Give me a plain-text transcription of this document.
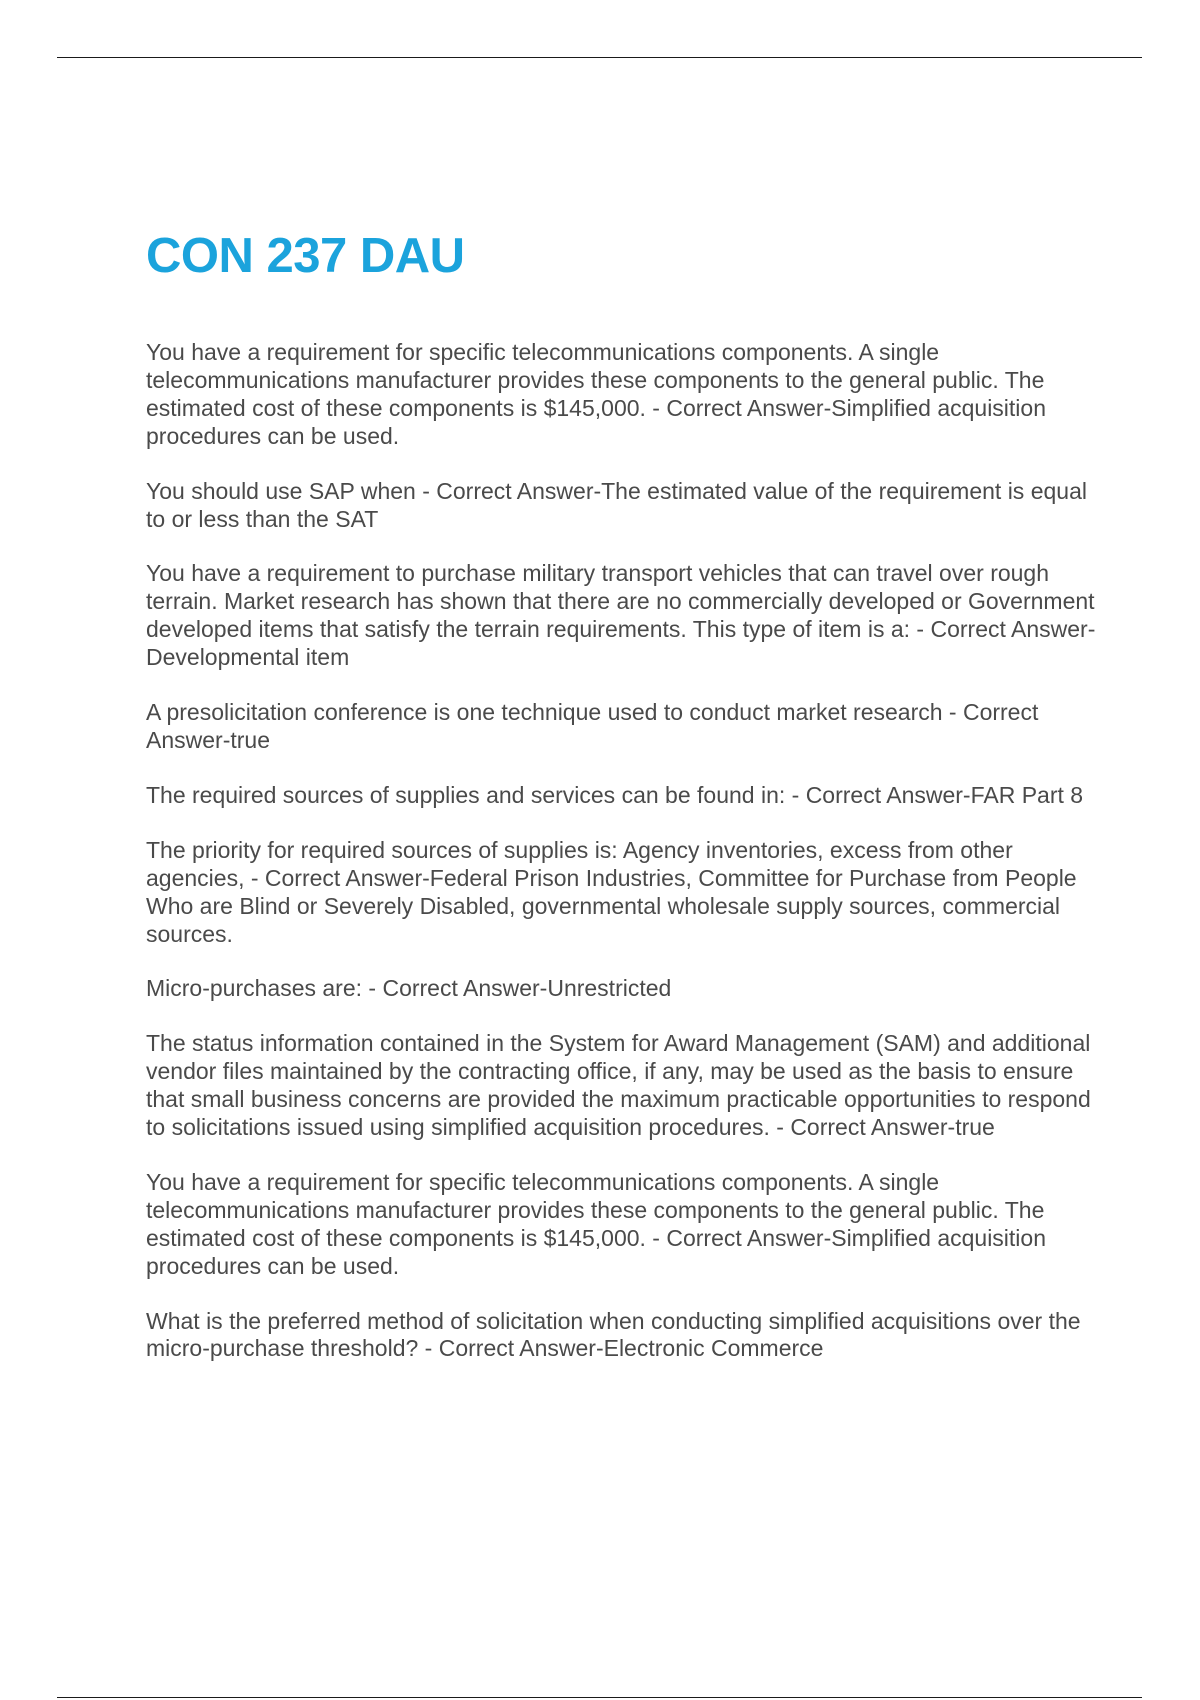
CON 237 DAU
You have a requirement for specific telecommunications components. A single telecommunications manufacturer provides these components to the general public. The estimated cost of these components is $145,000. - Correct Answer-Simplified acquisition procedures can be used.
You should use SAP when - Correct Answer-The estimated value of the requirement is equal to or less than the SAT
You have a requirement to purchase military transport vehicles that can travel over rough terrain. Market research has shown that there are no commercially developed or Government developed items that satisfy the terrain requirements. This type of item is a: - Correct Answer-Developmental item
A presolicitation conference is one technique used to conduct market research - Correct Answer-true
The required sources of supplies and services can be found in: - Correct Answer-FAR Part 8
The priority for required sources of supplies is: Agency inventories, excess from other agencies, - Correct Answer-Federal Prison Industries, Committee for Purchase from People Who are Blind or Severely Disabled, governmental wholesale supply sources, commercial sources.
Micro-purchases are: - Correct Answer-Unrestricted
The status information contained in the System for Award Management (SAM) and additional vendor files maintained by the contracting office, if any, may be used as the basis to ensure that small business concerns are provided the maximum practicable opportunities to respond to solicitations issued using simplified acquisition procedures. - Correct Answer-true
You have a requirement for specific telecommunications components. A single telecommunications manufacturer provides these components to the general public. The estimated cost of these components is $145,000. - Correct Answer-Simplified acquisition procedures can be used.
What is the preferred method of solicitation when conducting simplified acquisitions over the micro-purchase threshold? - Correct Answer-Electronic Commerce
